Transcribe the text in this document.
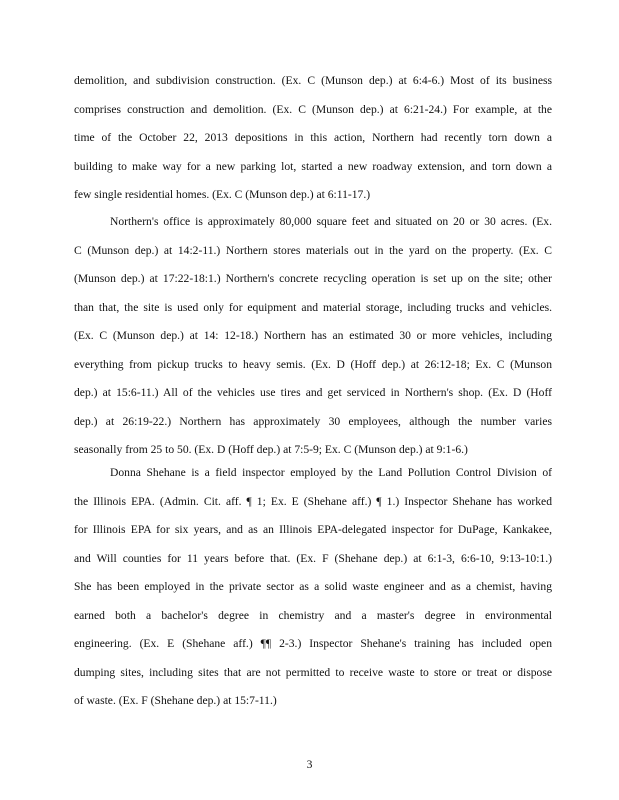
demolition, and subdivision construction. (Ex. C (Munson dep.) at 6:4-6.) Most of its business
comprises construction and demolition. (Ex. C (Munson dep.) at 6:21-24.) For example, at the
time of the October 22, 2013 depositions in this action, Northern had recently torn down a
building to make way for a new parking lot, started a new roadway extension, and torn down a
few single residential homes. (Ex. C (Munson dep.) at 6:11-17.)
Northern's office is approximately 80,000 square feet and situated on 20 or 30 acres. (Ex.
C (Munson dep.) at 14:2-11.) Northern stores materials out in the yard on the property. (Ex. C
(Munson dep.) at 17:22-18:1.) Northern's concrete recycling operation is set up on the site; other
than that, the site is used only for equipment and material storage, including trucks and vehicles.
(Ex. C (Munson dep.) at 14: 12-18.) Northern has an estimated 30 or more vehicles, including
everything from pickup trucks to heavy semis. (Ex. D (Hoff dep.) at 26:12-18; Ex. C (Munson
dep.) at 15:6-11.) All of the vehicles use tires and get serviced in Northern's shop. (Ex. D (Hoff
dep.) at 26:19-22.) Northern has approximately 30 employees, although the number varies
seasonally from 25 to 50. (Ex. D (Hoff dep.) at 7:5-9; Ex. C (Munson dep.) at 9:1-6.)
Donna Shehane is a field inspector employed by the Land Pollution Control Division of
the Illinois EPA. (Admin. Cit. aff. ¶ 1; Ex. E (Shehane aff.) ¶ 1.) Inspector Shehane has worked
for Illinois EPA for six years, and as an Illinois EPA-delegated inspector for DuPage, Kankakee,
and Will counties for 11 years before that. (Ex. F (Shehane dep.) at 6:1-3, 6:6-10, 9:13-10:1.)
She has been employed in the private sector as a solid waste engineer and as a chemist, having
earned both a bachelor's degree in chemistry and a master's degree in environmental
engineering. (Ex. E (Shehane aff.) ¶¶ 2-3.) Inspector Shehane's training has included open
dumping sites, including sites that are not permitted to receive waste to store or treat or dispose
of waste. (Ex. F (Shehane dep.) at 15:7-11.)
3
